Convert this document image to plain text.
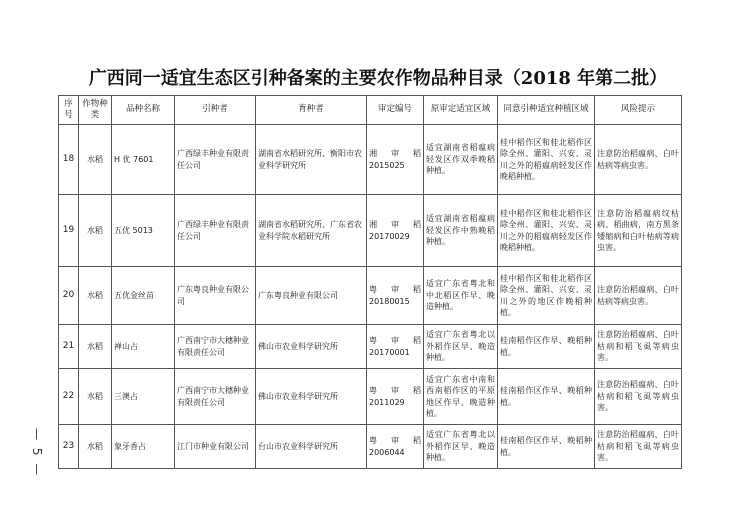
— 5 —
广西同一适宜生态区引种备案的主要农作物品种目录（2018 年第二批）
序号	作物种类	品种名称	引种者	育种者	审定编号	原审定适宜区域	同意引种适宜种植区域	风险提示
18	水稻	H 优 7601	广西绿丰种业有限责任公司	湖南省水稻研究所、衡阳市农业科学研究所	湘 审 稻 2015025	适宜湖南省稻瘟病轻发区作双季晚稻种植。	桂中稻作区和桂北稻作区除全州、灌阳、兴安、灵川之外的稻瘟病轻发区作晚稻种植。	注意防治稻瘟病、白叶枯病等病虫害。
19	水稻	五优 5013	广西绿丰种业有限责任公司	湖南省水稻研究所、广东省农业科学院水稻研究所	湘 审 稻 20170029	适宜湖南省稻瘟病轻发区作中熟晚稻种植。	桂中稻作区和桂北稻作区除全州、灌阳、兴安、灵川之外的稻瘟病轻发区作晚稻种植。	注意防治稻瘟病纹枯病、稻曲病，南方黑条矮缩病和白叶枯病等病虫害。
20	水稻	五优金丝苗	广东粤良种业有限公司	广东粤良种业有限公司	粤 审 稻 20180015	适宜广东省粤北和中北稻区作早、晚造种植。	桂中稻作区和桂北稻作区除全州、灌阳、兴安、灵川之外的地区作晚稻种植。	注意防治稻瘟病、白叶枯病等病虫害。
21	水稻	禅山占	广西南宁市大穗种业有限责任公司	佛山市农业科学研究所	粤 审 稻 20170001	适宜广东省粤北以外稻作区早、晚造种植。	桂南稻作区作早、晚稻种植。	注意防治稻瘟病、白叶枯病和稻飞虱等病虫害。
22	水稻	三澳占	广西南宁市大穗种业有限责任公司	佛山市农业科学研究所	粤 审 稻 2011029	适宜广东省中南和西南稻作区的平原地区作早、晚造种植。	桂南稻作区作早、晚稻种植。	注意防治稻瘟病、白叶枯病和稻飞虱等病虫害。
23	水稻	象牙香占	江门市种业有限公司	台山市农业科学研究所	粤 审 稻 2006044	适宜广东省粤北以外稻作区早、晚造种植。	桂南稻作区作早、晚稻种植。	注意防治稻瘟病、白叶枯病和稻飞虱等病虫害。
